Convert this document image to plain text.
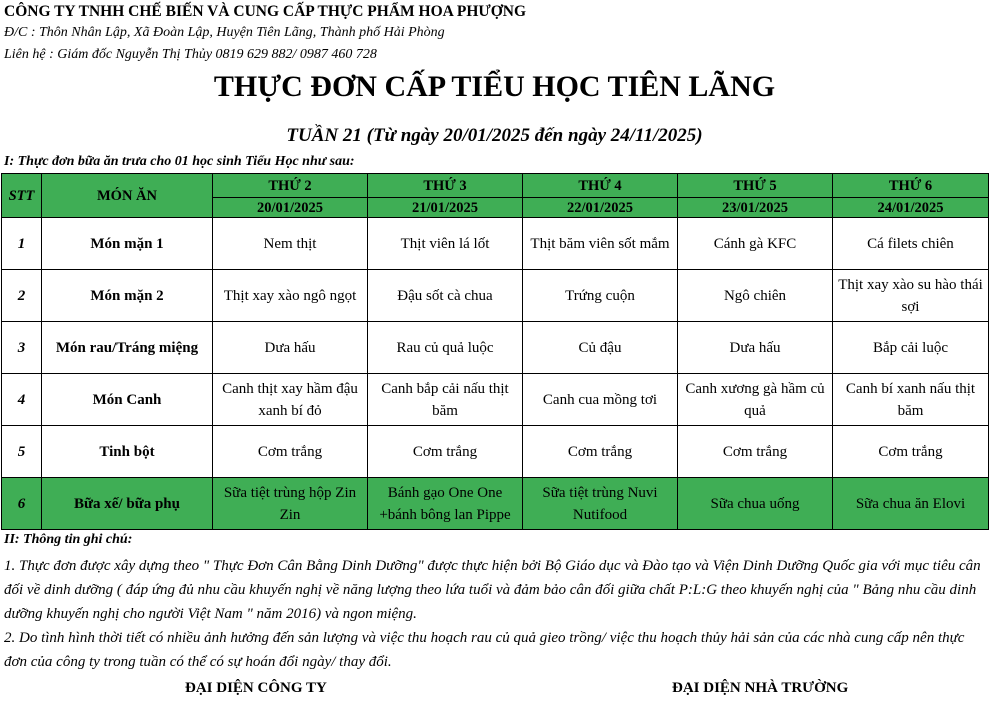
CÔNG TY TNHH CHẾ BIẾN VÀ CUNG CẤP THỰC PHẨM HOA PHƯỢNG
Đ/C : Thôn Nhân Lập, Xã Đoàn Lập, Huyện Tiên Lãng, Thành phố Hải Phòng
Liên hệ : Giám đốc Nguyễn Thị Thủy 0819 629 882/ 0987 460 728
THỰC ĐƠN CẤP TIỂU HỌC TIÊN LÃNG
TUẦN 21 (Từ ngày 20/01/2025 đến ngày 24/11/2025)
I: Thực đơn bữa ăn trưa cho 01 học sinh Tiểu Học như sau:
STT	MÓN ĂN	THỨ 2	THỨ 3	THỨ 4	THỨ 5	THỨ 6
		20/01/2025	21/01/2025	22/01/2025	23/01/2025	24/01/2025
1	Món mặn 1	Nem thịt	Thịt viên lá lốt	Thịt băm viên sốt mắm	Cánh gà KFC	Cá filets chiên
2	Món mặn 2	Thịt xay xào ngô ngọt	Đậu sốt cà chua	Trứng cuộn	Ngô chiên	Thịt xay xào su hào thái sợi
3	Món rau/Tráng miệng	Dưa hấu	Rau củ quả luộc	Củ đậu	Dưa hấu	Bắp cải luộc
4	Món Canh	Canh thịt xay hầm đậu xanh bí đỏ	Canh bắp cải nấu thịt băm	Canh cua mồng tơi	Canh xương gà hầm củ quả	Canh bí xanh nấu thịt băm
5	Tinh bột	Cơm trắng	Cơm trắng	Cơm trắng	Cơm trắng	Cơm trắng
6	Bữa xế/ bữa phụ	Sữa tiệt trùng hộp Zin Zin	Bánh gạo One One +bánh bông lan Pippe	Sữa tiệt trùng Nuvi Nutifood	Sữa chua uống	Sữa chua ăn Elovi
II: Thông tin ghi chú:

1. Thực đơn được xây dựng theo " Thực Đơn Cân Bằng Dinh Dưỡng" được thực hiện bởi Bộ Giáo dục và Đào tạo và Viện Dinh Dưỡng Quốc gia với mục tiêu cân đối về dinh dưỡng ( đáp ứng đủ nhu cầu khuyến nghị về năng lượng theo lứa tuổi và đảm bảo cân đối giữa chất P:L:G theo khuyến nghị của " Bảng nhu cầu dinh dưỡng khuyến nghị cho người Việt Nam " năm 2016) và ngon miệng.

2. Do tình hình thời tiết có nhiều ảnh hưởng đến sản lượng và việc thu hoạch rau củ quả gieo trồng/ việc thu hoạch thủy hải sản của các nhà cung cấp nên thực đơn của công ty trong tuần có thể có sự hoán đổi ngày/ thay đổi.

ĐẠI DIỆN CÔNG TY	ĐẠI DIỆN NHÀ TRƯỜNG
